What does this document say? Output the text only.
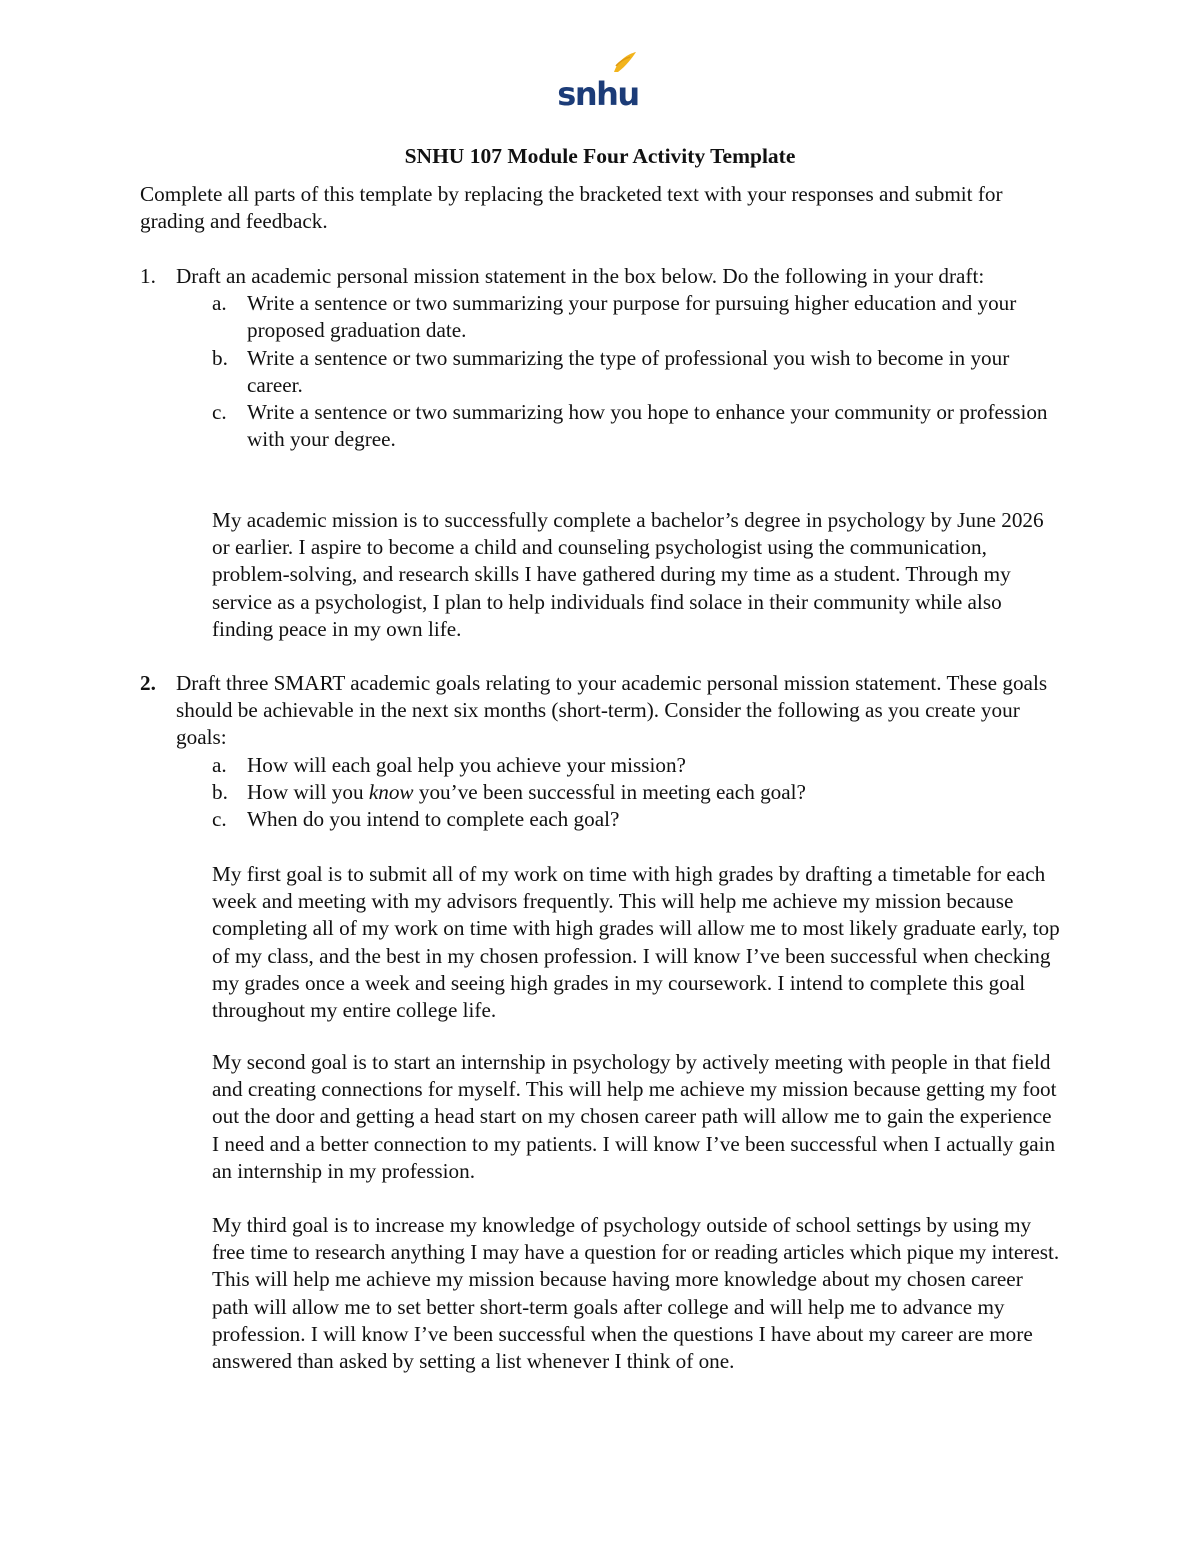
snhu
SNHU 107 Module Four Activity Template

Complete all parts of this template by replacing the bracketed text with your responses and submit for grading and feedback.

1. Draft an academic personal mission statement in the box below. Do the following in your draft:

a. Write a sentence or two summarizing your purpose for pursuing higher education and your proposed graduation date.

b. Write a sentence or two summarizing the type of professional you wish to become in your career.

c. Write a sentence or two summarizing how you hope to enhance your community or profession with your degree.

My academic mission is to successfully complete a bachelor’s degree in psychology by June 2026 or earlier. I aspire to become a child and counseling psychologist using the communication, problem-solving, and research skills I have gathered during my time as a student. Through my service as a psychologist, I plan to help individuals find solace in their community while also finding peace in my own life.

2. Draft three SMART academic goals relating to your academic personal mission statement. These goals should be achievable in the next six months (short-term). Consider the following as you create your goals:

a. How will each goal help you achieve your mission?

b. How will you know you’ve been successful in meeting each goal?

c. When do you intend to complete each goal?

My first goal is to submit all of my work on time with high grades by drafting a timetable for each week and meeting with my advisors frequently. This will help me achieve my mission because completing all of my work on time with high grades will allow me to most likely graduate early, top of my class, and the best in my chosen profession. I will know I’ve been successful when checking my grades once a week and seeing high grades in my coursework. I intend to complete this goal throughout my entire college life.

My second goal is to start an internship in psychology by actively meeting with people in that field and creating connections for myself. This will help me achieve my mission because getting my foot out the door and getting a head start on my chosen career path will allow me to gain the experience I need and a better connection to my patients. I will know I’ve been successful when I actually gain an internship in my profession.

My third goal is to increase my knowledge of psychology outside of school settings by using my free time to research anything I may have a question for or reading articles which pique my interest. This will help me achieve my mission because having more knowledge about my chosen career path will allow me to set better short-term goals after college and will help me to advance my profession. I will know I’ve been successful when the questions I have about my career are more answered than asked by setting a list whenever I think of one.
